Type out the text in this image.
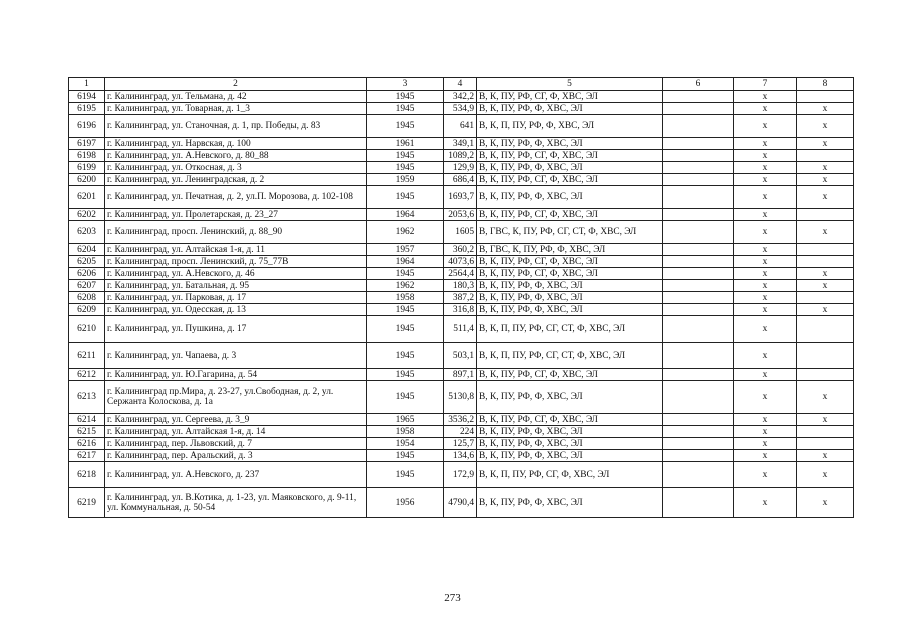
1	2	3	4	5	6	7	8
6194	г. Калининград, ул. Тельмана, д. 42	1945	342,2	В, К, ПУ, РФ, СГ, Ф, ХВС, ЭЛ		х	
6195	г. Калининград, ул. Товарная, д. 1_3	1945	534,9	В, К, ПУ, РФ, Ф, ХВС, ЭЛ		х	х
6196	г. Калининград, ул. Станочная, д. 1, пр. Победы, д. 83	1945	641	В, К, П, ПУ, РФ, Ф, ХВС, ЭЛ		х	х
6197	г. Калининград, ул. Нарвская, д. 100	1961	349,1	В, К, ПУ, РФ, Ф, ХВС, ЭЛ		х	х
6198	г. Калининград, ул. А.Невского, д. 80_88	1945	1089,2	В, К, ПУ, РФ, СГ, Ф, ХВС, ЭЛ		х	
6199	г. Калининград, ул. Откосная, д. 3	1945	129,9	В, К, ПУ, РФ, Ф, ХВС, ЭЛ		х	х
6200	г. Калининград, ул. Ленинградская, д. 2	1959	686,4	В, К, ПУ, РФ, СГ, Ф, ХВС, ЭЛ		х	х
6201	г. Калининград, ул. Печатная, д. 2, ул.П. Морозова, д. 102-108	1945	1693,7	В, К, ПУ, РФ, Ф, ХВС, ЭЛ		х	х
6202	г. Калининград, ул. Пролетарская, д. 23_27	1964	2053,6	В, К, ПУ, РФ, СГ, Ф, ХВС, ЭЛ		х	
6203	г. Калининград, просп. Ленинский, д. 88_90	1962	1605	В, ГВС, К, ПУ, РФ, СГ, СТ, Ф, ХВС, ЭЛ		х	х
6204	г. Калининград, ул. Алтайская 1-я, д. 11	1957	360,2	В, ГВС, К, ПУ, РФ, Ф, ХВС, ЭЛ		х	
6205	г. Калининград, просп. Ленинский, д. 75_77В	1964	4073,6	В, К, ПУ, РФ, СГ, Ф, ХВС, ЭЛ		х	
6206	г. Калининград, ул. А.Невского, д. 46	1945	2564,4	В, К, ПУ, РФ, СГ, Ф, ХВС, ЭЛ		х	х
6207	г. Калининград, ул. Батальная, д. 95	1962	180,3	В, К, ПУ, РФ, Ф, ХВС, ЭЛ		х	х
6208	г. Калининград, ул. Парковая, д. 17	1958	387,2	В, К, ПУ, РФ, Ф, ХВС, ЭЛ		х	
6209	г. Калининград, ул. Одесская, д. 13	1945	316,8	В, К, ПУ, РФ, Ф, ХВС, ЭЛ		х	х
6210	г. Калининград, ул. Пушкина, д. 17	1945	511,4	В, К, П, ПУ, РФ, СГ, СТ, Ф, ХВС, ЭЛ		х	
6211	г. Калининград, ул. Чапаева, д. 3	1945	503,1	В, К, П, ПУ, РФ, СГ, СТ, Ф, ХВС, ЭЛ		х	
6212	г. Калининград, ул. Ю.Гагарина, д. 54	1945	897,1	В, К, ПУ, РФ, СГ, Ф, ХВС, ЭЛ		х	
6213	г. Калининград пр.Мира, д. 23-27, ул.Свободная, д. 2, ул. Сержанта Колоскова, д. 1а	1945	5130,8	В, К, ПУ, РФ, Ф, ХВС, ЭЛ		х	х
6214	г. Калининград, ул. Сергеева, д. 3_9	1965	3536,2	В, К, ПУ, РФ, СГ, Ф, ХВС, ЭЛ		х	х
6215	г. Калининград, ул. Алтайская 1-я, д. 14	1958	224	В, К, ПУ, РФ, Ф, ХВС, ЭЛ		х	
6216	г. Калининград, пер. Львовский, д. 7	1954	125,7	В, К, ПУ, РФ, Ф, ХВС, ЭЛ		х	
6217	г. Калининград, пер. Аральский, д. 3	1945	134,6	В, К, ПУ, РФ, Ф, ХВС, ЭЛ		х	х
6218	г. Калининград, ул. А.Невского, д. 237	1945	172,9	В, К, П, ПУ, РФ, СГ, Ф, ХВС, ЭЛ		х	х
6219	г. Калининград, ул. В.Котика, д. 1-23, ул. Маяковского, д. 9-11, ул. Коммунальная, д. 50-54	1956	4790,4	В, К, ПУ, РФ, Ф, ХВС, ЭЛ		х	х
273
